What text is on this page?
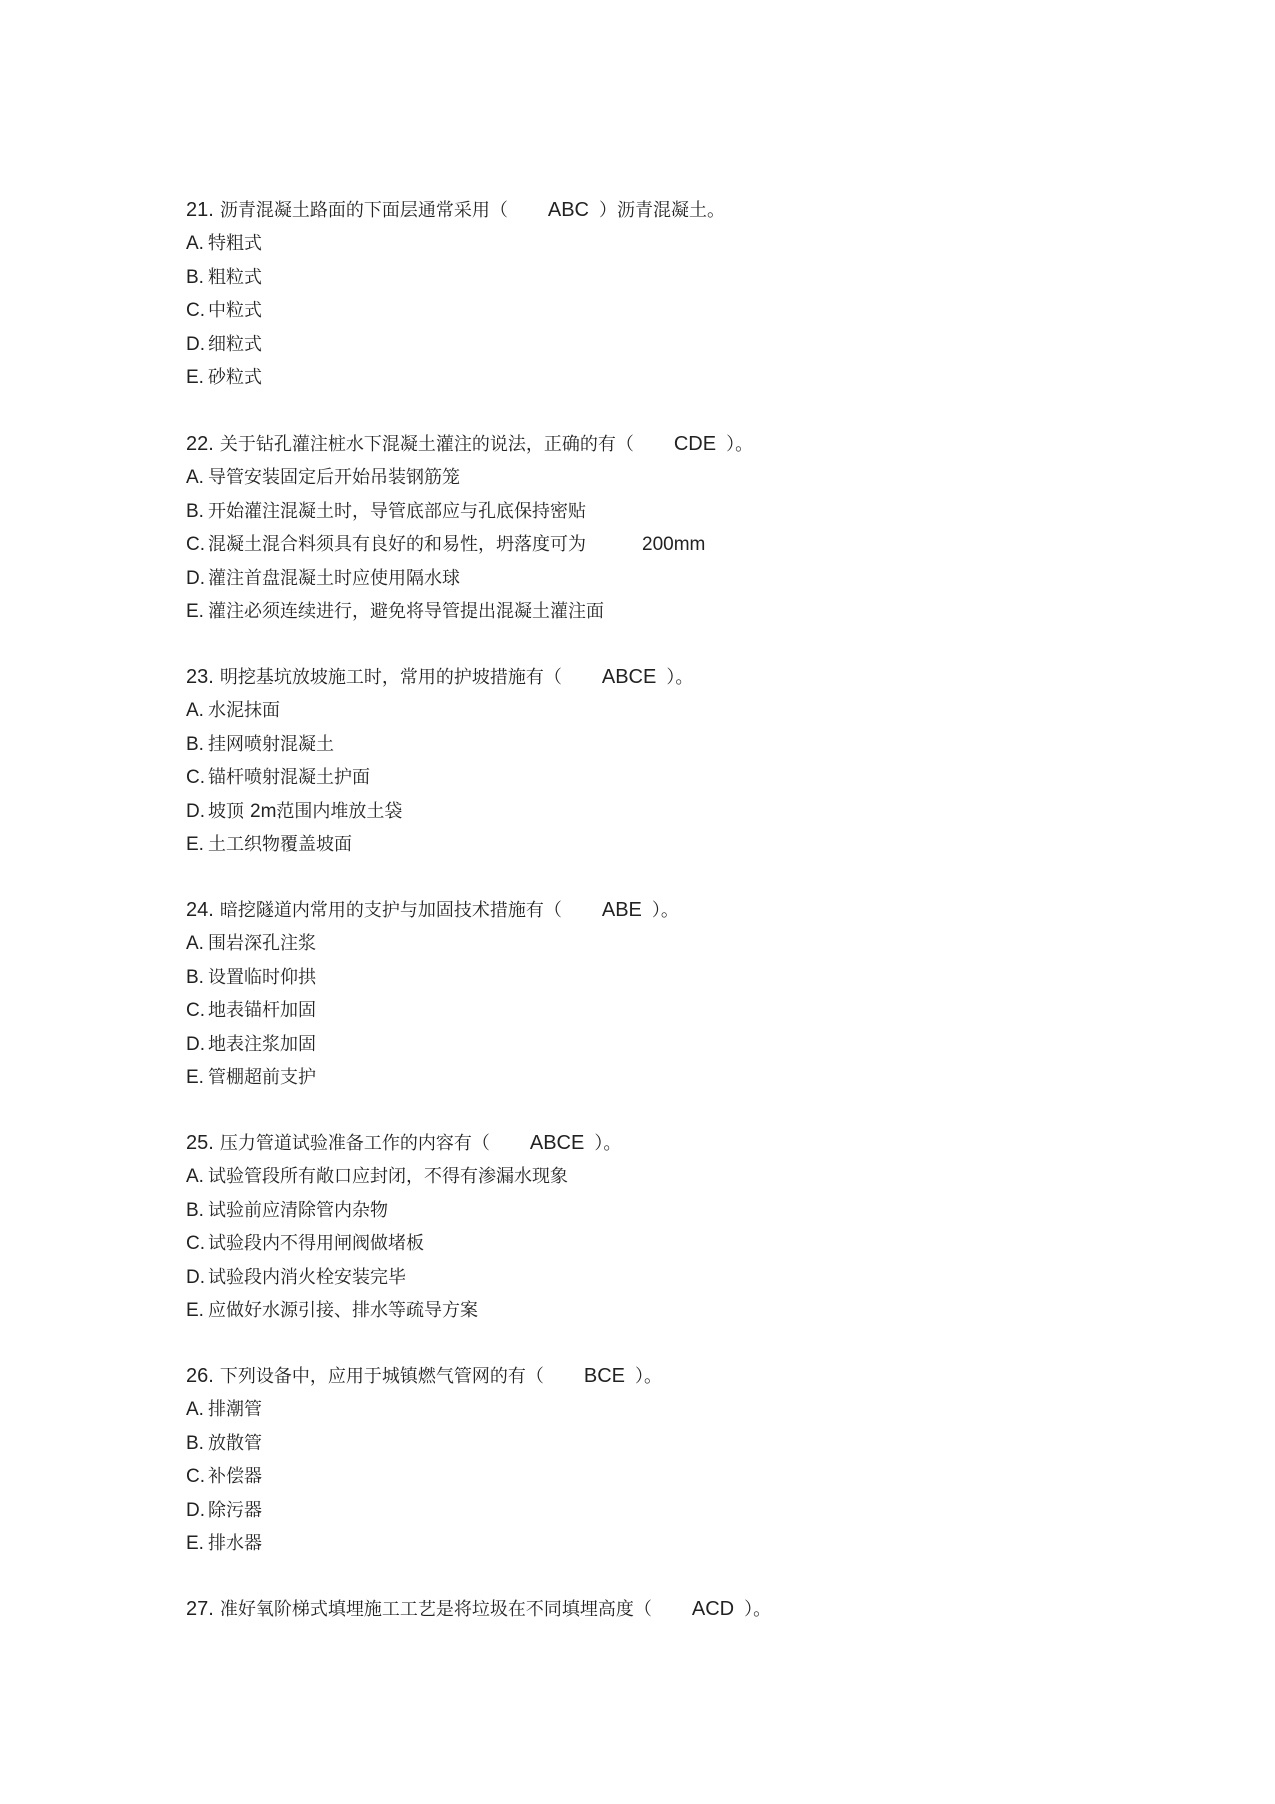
21. 沥青混凝土路面的下面层通常采用（ ABC ）沥青混凝土。
A. 特粗式
B. 粗粒式
C. 中粒式
D. 细粒式
E. 砂粒式
22. 关于钻孔灌注桩水下混凝土灌注的说法，正确的有（ CDE ）。
A. 导管安装固定后开始吊装钢筋笼
B. 开始灌注混凝土时，导管底部应与孔底保持密贴
C. 混凝土混合料须具有良好的和易性，坍落度可为	200mm
D. 灌注首盘混凝土时应使用隔水球
E. 灌注必须连续进行，避免将导管提出混凝土灌注面
23. 明挖基坑放坡施工时，常用的护坡措施有（ ABCE ）。
A. 水泥抹面
B. 挂网喷射混凝土
C. 锚杆喷射混凝土护面
D. 坡顶 2m范围内堆放土袋
E. 土工织物覆盖坡面
24. 暗挖隧道内常用的支护与加固技术措施有（ ABE ）。
A. 围岩深孔注浆
B. 设置临时仰拱
C. 地表锚杆加固
D. 地表注浆加固
E. 管棚超前支护
25. 压力管道试验准备工作的内容有（ ABCE ）。
A. 试验管段所有敞口应封闭，不得有渗漏水现象
B. 试验前应清除管内杂物
C. 试验段内不得用闸阀做堵板
D. 试验段内消火栓安装完毕
E. 应做好水源引接、排水等疏导方案
26. 下列设备中，应用于城镇燃气管网的有（ BCE ）。
A. 排潮管
B. 放散管
C. 补偿器
D. 除污器
E. 排水器
27. 准好氧阶梯式填埋施工工艺是将垃圾在不同填埋高度（ ACD ）。
